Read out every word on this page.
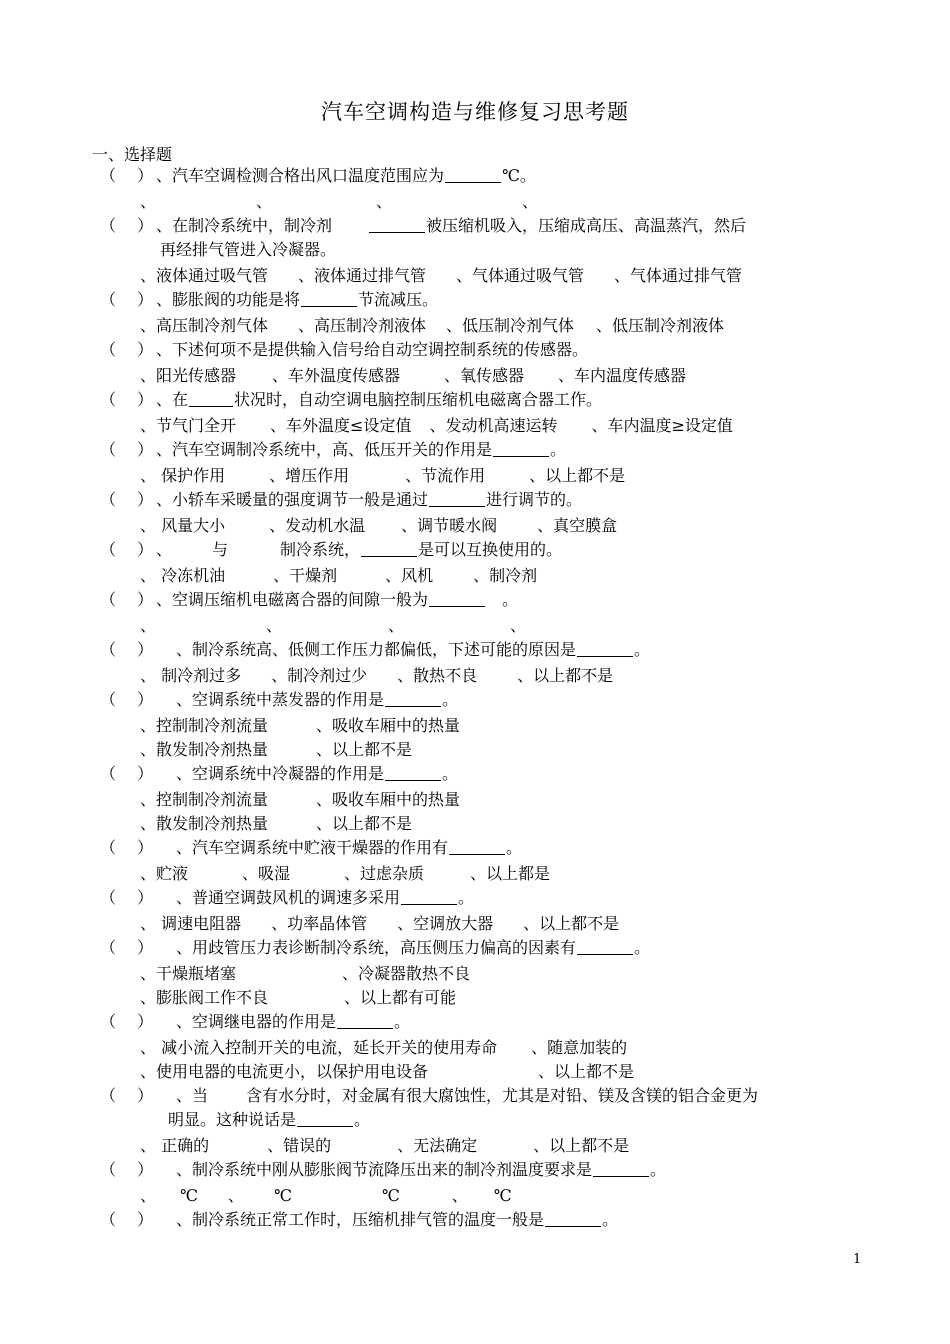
汽车空调构造与维修复习思考题
一、选择题
（　 ） 、汽车空调检测合格出风口温度范围应为	℃。
、	、	、	、
（　 ） 、在制冷系统中，制冷剂	被压缩机吸入，压缩成高压、高温蒸汽，然后
再经排气管进入冷凝器。
、液体通过吸气管 、液体通过排气管 、气体通过吸气管 、气体通过排气管
（　 ） 、膨胀阀的功能是将	节流减压。
、高压制冷剂气体 、高压制冷剂液体 、低压制冷剂气体 、低压制冷剂液体
（　 ） 、下述何项不是提供输入信号给自动空调控制系统的传感器。
、阳光传感器 、车外温度传感器	、氧传感器 、车内温度传感器
（　 ） 、在	状况时，自动空调电脑控制压缩机电磁离合器工作。
、节气门全开 、车外温度≤设定值 、发动机高速运转 、车内温度≥设定值
（　 ） 、汽车空调制冷系统中，高、低压开关的作用是	。
、 保护作用	、增压作用	、节流作用	、以上都不是
（　 ） 、小轿车采暖量的强度调节一般是通过	进行调节的。
、 风量大小	、发动机水温 、调节暖水阀	、真空膜盒
（　 ） 、	与	制冷系统，	是可以互换使用的。
、 冷冻机油	、干燥剂	、风机	、制冷剂
（　 ） 、空调压缩机电磁离合器的间隙一般为	。
、	、	、	、
（　 ） 、制冷系统高、低侧工作压力都偏低，下述可能的原因是	。
、 制冷剂过多 、制冷剂过少 、散热不良	、以上都不是
（　 ） 、空调系统中蒸发器的作用是	。
、控制制冷剂流量	、吸收车厢中的热量
、散发制冷剂热量	、以上都不是
（　 ） 、空调系统中冷凝器的作用是	。
、控制制冷剂流量	、吸收车厢中的热量
、散发制冷剂热量	、以上都不是
（　 ） 、汽车空调系统中贮液干燥器的作用有	。
、贮液	、吸湿	、过虑杂质	、以上都是
（　 ） 、普通空调鼓风机的调速多采用	。
、 调速电阻器 、功率晶体管 、空调放大器 、以上都不是
（　 ） 、用歧管压力表诊断制冷系统，高压侧压力偏高的因素有	。
、干燥瓶堵塞	、冷凝器散热不良
、膨胀阀工作不良	、以上都有可能
（　 ） 、空调继电器的作用是	。
、 减小流入控制开关的电流，延长开关的使用寿命 、随意加装的
、使用电器的电流更小，以保护用电设备	、以上都不是
（　 ） 、当 含有水分时，对金属有很大腐蚀性，尤其是对铅、镁及含镁的铝合金更为
明显。这种说话是	。
、 正确的	、错误的	、无法确定	、以上都不是
（　 ） 、制冷系统中刚从膨胀阀节流降压出来的制冷剂温度要求是	。
、 ℃ 、 ℃	℃	、 ℃
（　 ） 、制冷系统正常工作时，压缩机排气管的温度一般是	。
1
